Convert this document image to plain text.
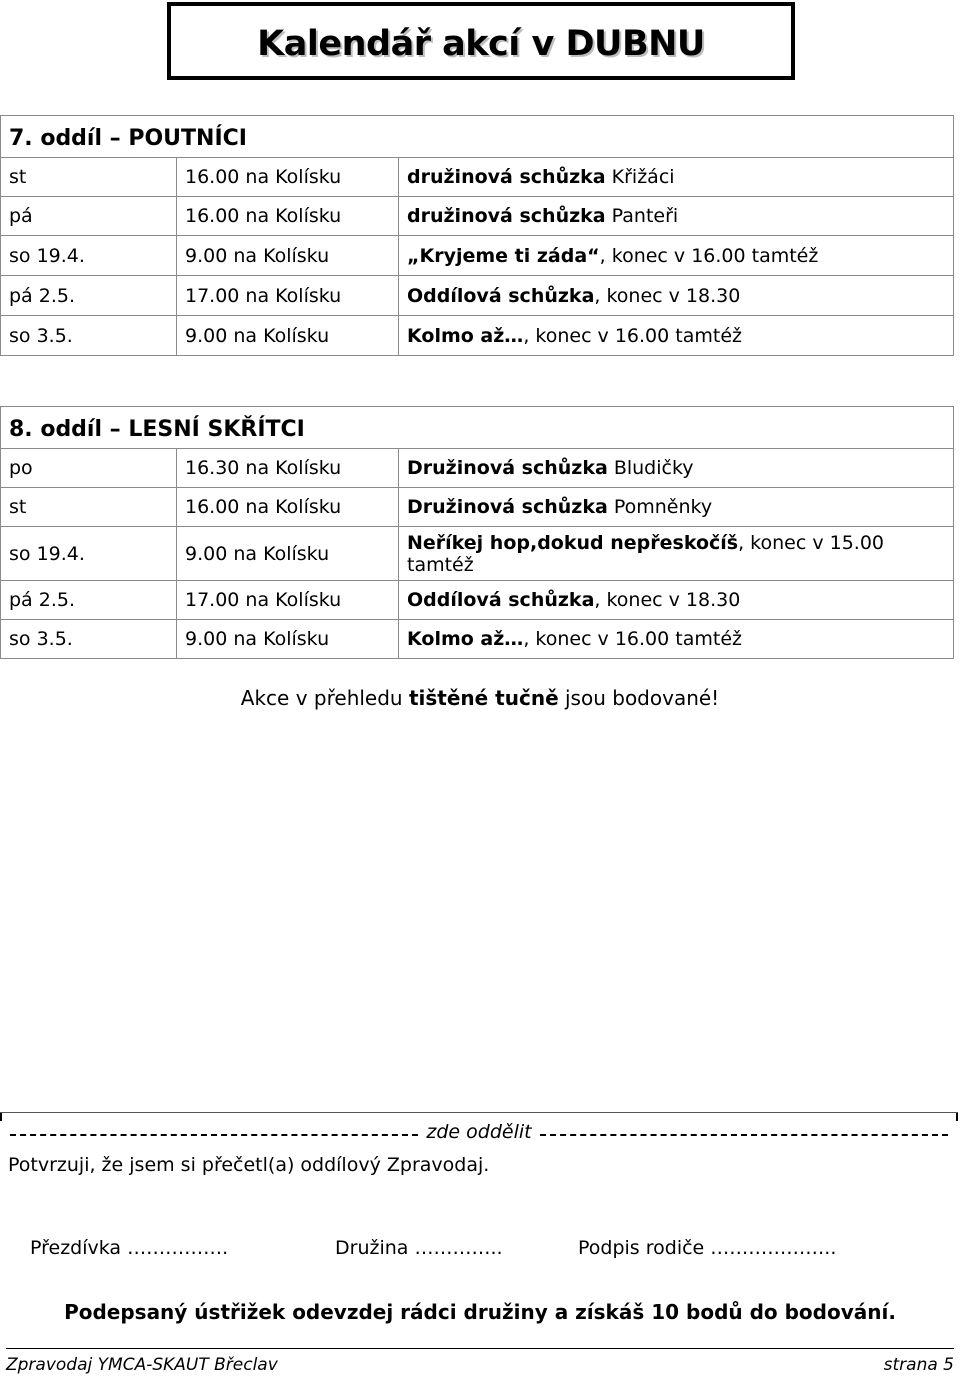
Kalendář akcí v DUBNU
7. oddíl – POUTNÍCI		
st	16.00 na Kolísku	družinová schůzka Křižáci
pá	16.00 na Kolísku	družinová schůzka Panteři
so 19.4.	9.00 na Kolísku	„Kryjeme ti záda“, konec v 16.00 tamtéž
pá 2.5.	17.00 na Kolísku	Oddílová schůzka, konec v 18.30
so 3.5.	9.00 na Kolísku	Kolmo až…, konec v 16.00 tamtéž
8. oddíl – LESNÍ SKŘÍTCI		
po	16.30 na Kolísku	Družinová schůzka Bludičky
st	16.00 na Kolísku	Družinová schůzka Pomněnky
so 19.4.	9.00 na Kolísku	Neříkej hop,dokud nepřeskočíš, konec v 15.00 tamtéž
pá 2.5.	17.00 na Kolísku	Oddílová schůzka, konec v 18.30
so 3.5.	9.00 na Kolísku	Kolmo až…, konec v 16.00 tamtéž
Akce v přehledu tištěné tučně jsou bodované!
zde oddělit
Potvrzuji, že jsem si přečetl(a) oddílový Zpravodaj.
Přezdívka …………….	Družina …………..	Podpis rodiče ………………..
Podepsaný ústřižek odevzdej rádci družiny a získáš 10 bodů do bodování.
Zpravodaj YMCA-SKAUT Břeclav	strana 5
